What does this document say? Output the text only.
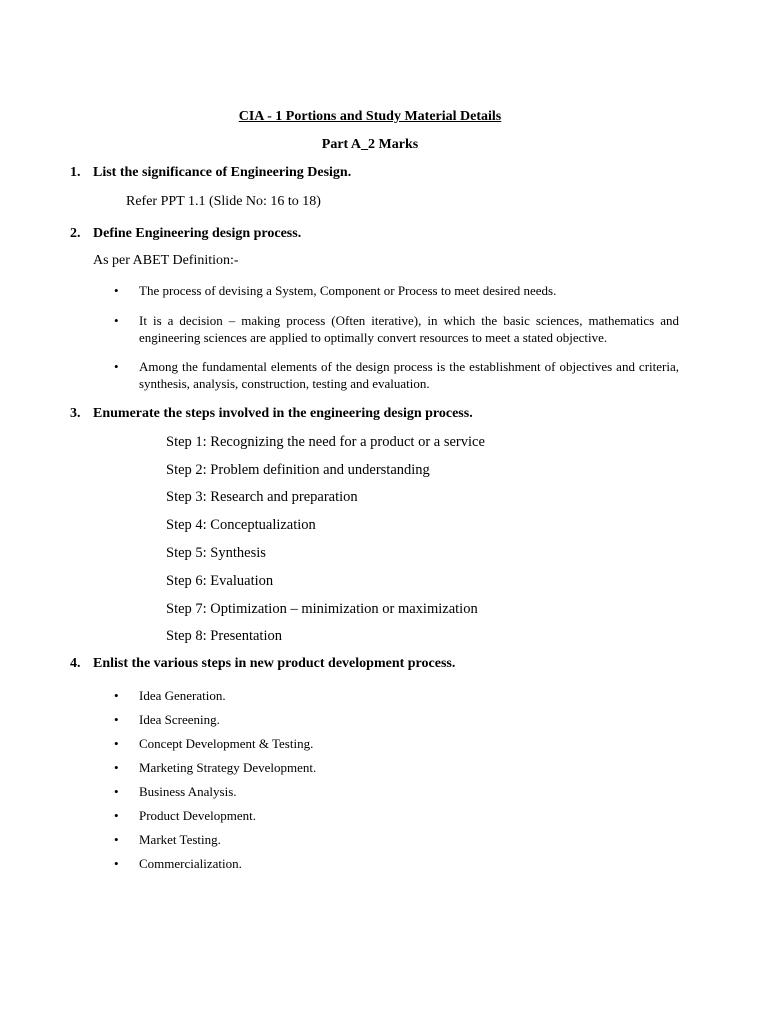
CIA - 1 Portions and Study Material Details
Part A_2 Marks
1. List the significance of Engineering Design.
Refer PPT 1.1 (Slide No: 16 to 18)
2. Define Engineering design process.
As per ABET Definition:-
• The process of devising a System, Component or Process to meet desired needs.
• It is a decision – making process (Often iterative), in which the basic sciences, mathematics and engineering sciences are applied to optimally convert resources to meet a stated objective.
• Among the fundamental elements of the design process is the establishment of objectives and criteria, synthesis, analysis, construction, testing and evaluation.
3. Enumerate the steps involved in the engineering design process.
Step 1: Recognizing the need for a product or a service
Step 2: Problem definition and understanding
Step 3: Research and preparation
Step 4: Conceptualization
Step 5: Synthesis
Step 6: Evaluation
Step 7: Optimization – minimization or maximization
Step 8: Presentation
4. Enlist the various steps in new product development process.
• Idea Generation.
• Idea Screening.
• Concept Development & Testing.
• Marketing Strategy Development.
• Business Analysis.
• Product Development.
• Market Testing.
• Commercialization.
